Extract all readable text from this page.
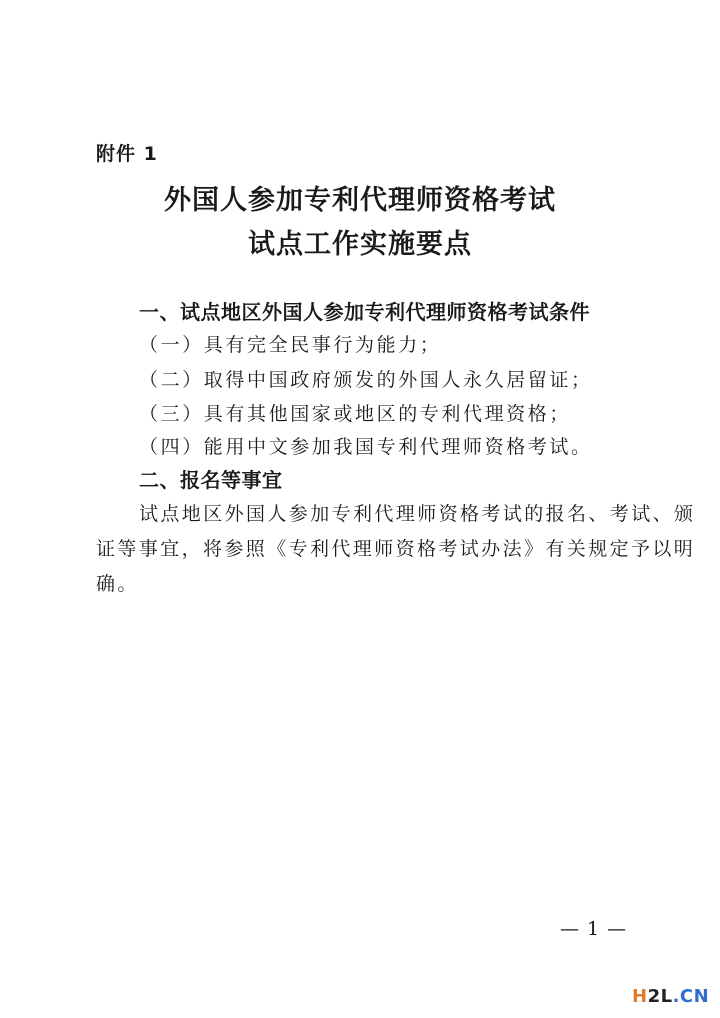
附件 1
外国人参加专利代理师资格考试
试点工作实施要点
一、试点地区外国人参加专利代理师资格考试条件
（一）具有完全民事行为能力；
（二）取得中国政府颁发的外国人永久居留证；
（三）具有其他国家或地区的专利代理资格；
（四）能用中文参加我国专利代理师资格考试。
二、报名等事宜
试点地区外国人参加专利代理师资格考试的报名、考试、颁
证等事宜，将参照《专利代理师资格考试办法》有关规定予以明
确。
— 1 —
H2L.CN
